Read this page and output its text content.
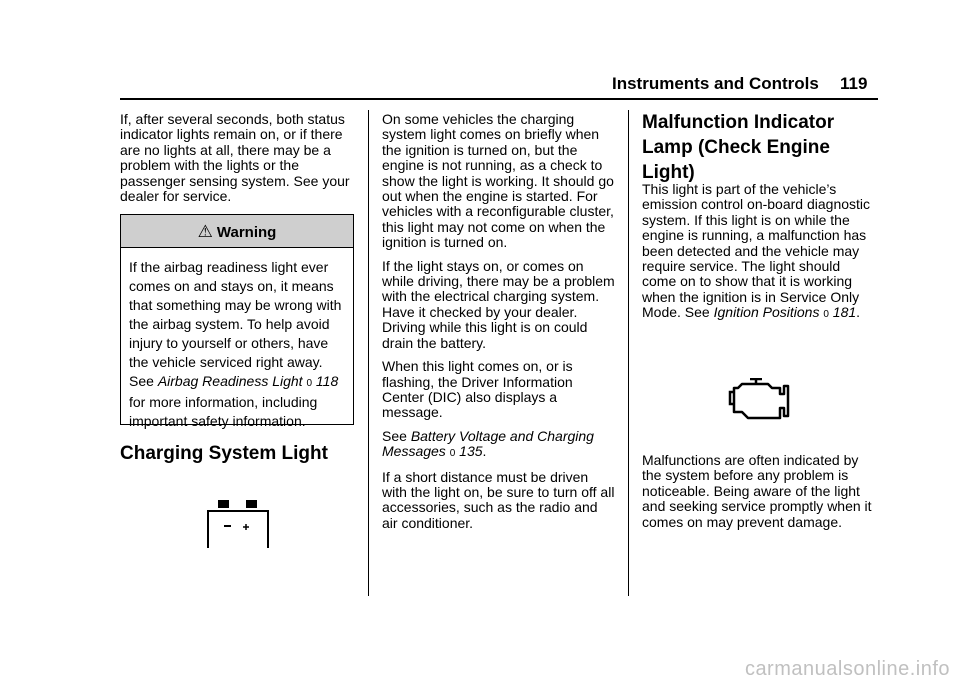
Instruments and Controls 119

If, after several seconds, both status indicator lights remain on, or if there are no lights at all, there may be a problem with the lights or the passenger sensing system. See your dealer for service.

⚠ Warning
If the airbag readiness light ever comes on and stays on, it means that something may be wrong with the airbag system. To help avoid injury to yourself or others, have the vehicle serviced right away. See Airbag Readiness Light 0 118 for more information, including important safety information.
Charging System Light

On some vehicles the charging system light comes on briefly when the ignition is turned on, but the engine is not running, as a check to show the light is working. It should go out when the engine is started. For vehicles with a reconfigurable cluster, this light may not come on when the ignition is turned on.

If the light stays on, or comes on while driving, there may be a problem with the electrical charging system. Have it checked by your dealer. Driving while this light is on could drain the battery.

When this light comes on, or is flashing, the Driver Information Center (DIC) also displays a message.

See Battery Voltage and Charging Messages 0 135.

If a short distance must be driven with the light on, be sure to turn off all accessories, such as the radio and air conditioner.

Malfunction Indicator Lamp (Check Engine Light)

This light is part of the vehicle’s emission control on-board diagnostic system. If this light is on while the engine is running, a malfunction has been detected and the vehicle may require service. The light should come on to show that it is working when the ignition is in Service Only Mode. See Ignition Positions 0 181.

Malfunctions are often indicated by the system before any problem is noticeable. Being aware of the light and seeking service promptly when it comes on may prevent damage.
carmanualsonline.info
